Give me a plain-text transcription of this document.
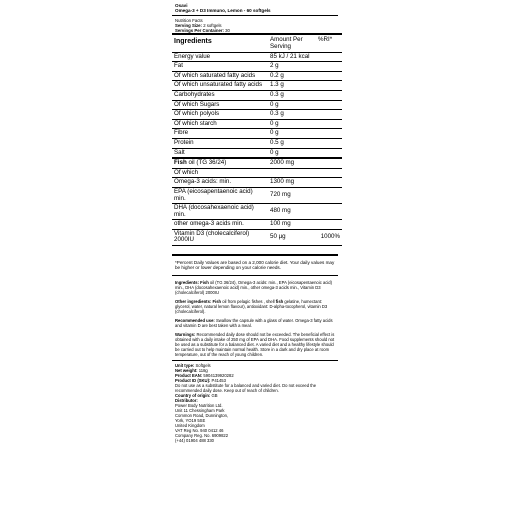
Osavi
Omega-3 + D3 Immuno, Lemon - 60 softgels
Nutrition Facts
Serving Size: 2 softgels
Servings Per Container: 30
Ingredients	Amount Per Serving	%RI*
Energy value	85 kJ / 21 kcal	
Fat	2 g	
Of which saturated fatty acids	0.2 g	
Of which unsaturated fatty acids	1.3 g	
Carbohydrates	0.3 g	
Of which Sugars	0 g	
Of which polyols	0.3 g	
Of which starch	0 g	
Fibre	0 g	
Protein	0.5 g	
Salt	0 g	
Fish oil (TG 36/24)	2000 mg	
Of which		
Omega-3 acids: min.	1300 mg	
EPA (eicosapentaenoic acid) min.	720 mg	
DHA (docosahexaenoic acid) min.	480 mg	
other omega-3 acids min.	100 mg	
Vitamin D3 (cholecalciferol) 2000IU	50 µg	1000%

*Percent Daily Values are based on a 2,000 calorie diet. Your daily values may be higher or lower depending on your calorie needs.

Ingredients: Fish oil (TG 36/24), Omega-3 acids: min., EPA (eicosapentaenoic acid) min., DHA (docosahexaenoic acid) min., other omega-3 acids min., Vitamin D3 (cholecalciferol) 2000IU

Other ingredients: Fish oil from pelagic fishes , shell fish gelatine, humectant: glycerol, water, natural lemon flavour), antioxidant: D-alpha-tocopherol, vitamin D3 (cholecalciferol).

Recommended use: Swallow the capsule with a glass of water. Omega-3 fatty acids and vitamin D are best taken with a meal.

Warnings: Recommended daily dose should not be exceeded. The beneficial effect is obtained with a daily intake of 250 mg of EPA and DHA. Food supplements should not be used as a substitute for a balanced diet. A varied diet and a healthy lifestyle should be carried out to help maintain normal health. Store in a dark and dry place at room temperature, out of the reach of young children.

Unit type: Softgels
Net weight: 118g
Product EAN: 5904139920282
Product ID (SKU): P41453
Do not use as a substitute for a balanced and varied diet. Do not exceed the recommended daily dose. Keep out of reach of children.
Country of origin: GB
Distributor:
Power Body Nutrition Ltd.
Unit 11 Chessingham Park
Common Road, Dunnington,
York, YO19 5SE
United Kingdom
VAT Reg No. 940 0412 46
Company Reg. No. 6909822
(+44) 01904 488 330
